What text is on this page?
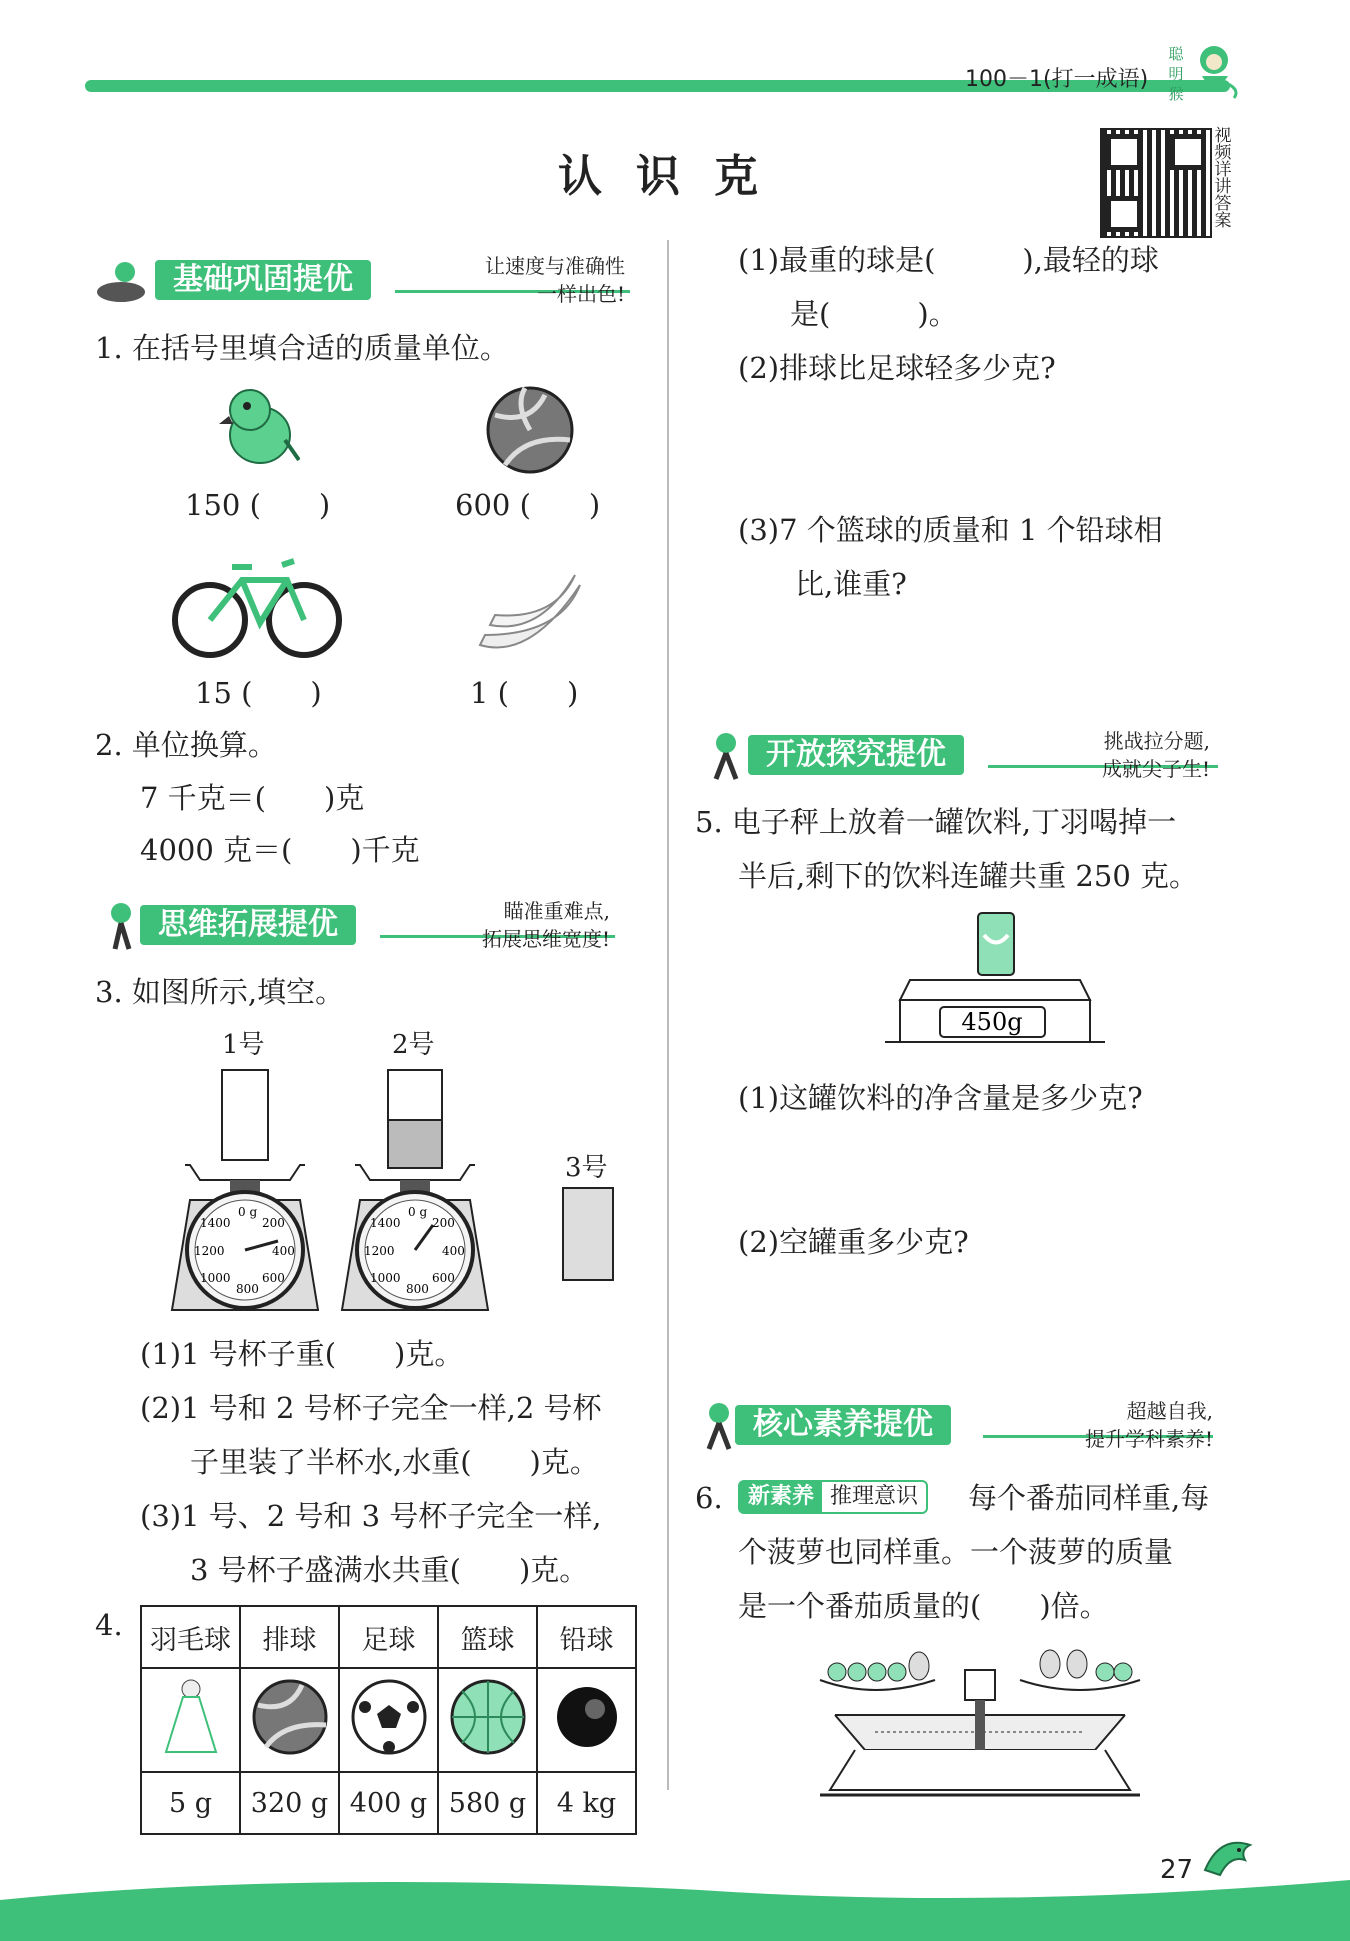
100－1(打一成语)
聪明猴
视频详讲答案
认识克
基础巩固提优	让速度与准确性
一样出色!
1. 在括号里填合适的质量单位。
150 (　　)	600 (　　)
15 (　　)	1 (　　)
2. 单位换算。
7 千克＝(　　)克
4000 克＝(　　)千克
思维拓展提优	瞄准重难点,
拓展思维宽度!
3. 如图所示,填空。
1号	2号
3号
0 g
200
400
600
800
1000
1200
1400
0 g
200
400
600
800
1000
1200
1400
(1)1 号杯子重(　　)克。
(2)1 号和 2 号杯子完全一样,2 号杯
子里装了半杯水,水重(　　)克。
(3)1 号、2 号和 3 号杯子完全一样,
3 号杯子盛满水共重(　　)克。
4. 羽毛球	排球	足球	篮球	铅球

5 g	320 g	400 g	580 g	4 kg
(1)最重的球是(　　　),最轻的球
是(　　　)。
(2)排球比足球轻多少克?
(3)7 个篮球的质量和 1 个铅球相
比,谁重?
开放探究提优	挑战拉分题,
成就尖子生!
5. 电子秤上放着一罐饮料,丁羽喝掉一
半后,剩下的饮料连罐共重 250 克。
450g
(1)这罐饮料的净含量是多少克?
(2)空罐重多少克?
核心素养提优	超越自我,
提升学科素养!
6.	新素养 推理意识	每个番茄同样重,每
个菠萝也同样重。一个菠萝的质量
是一个番茄质量的(　　)倍。
27
